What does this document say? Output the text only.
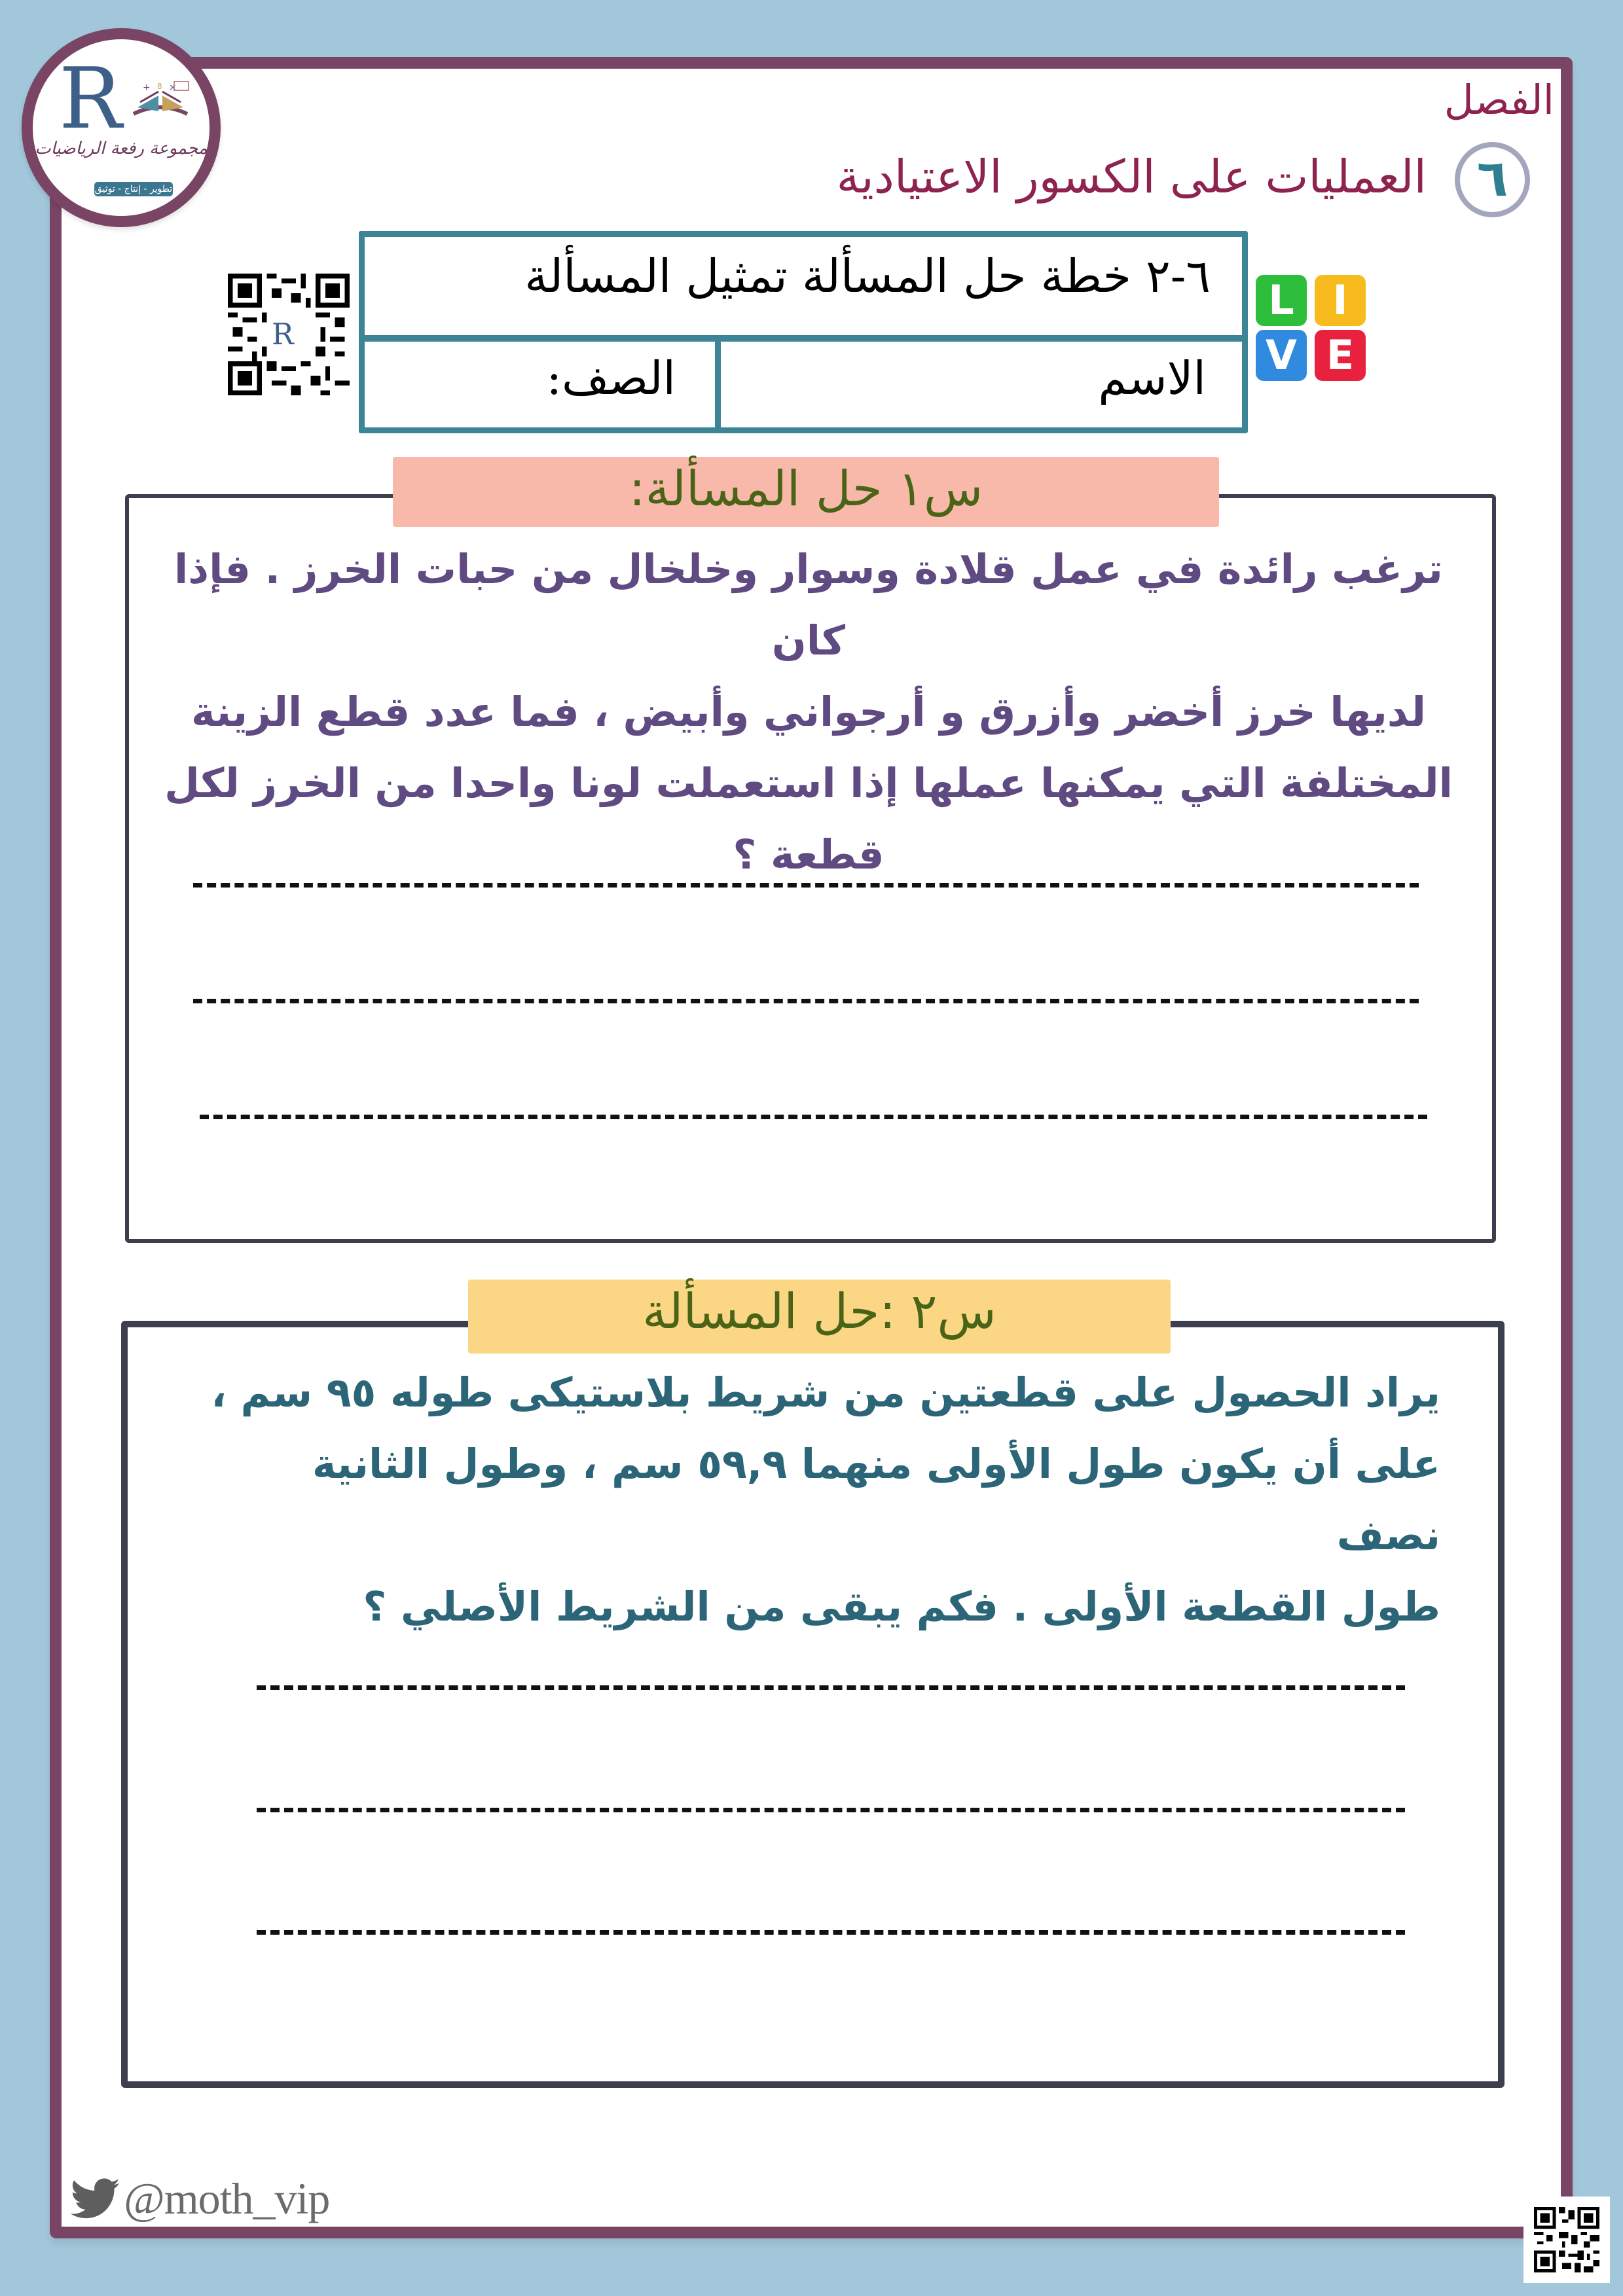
R + 8 ×
مجموعة رفعة الرياضيات
تطوير - إنتاج - توثيق
الفصل
٦
العمليات على الكسور الاعتيادية
R
٦-٢ خطة حل المسألة تمثيل المسألة
الصف:	الاسم
L I
V E
س١ حل المسألة:
ترغب رائدة في عمل قلادة وسوار وخلخال من حبات الخرز . فإذا كان
لديها خرز أخضر وأزرق و أرجواني وأبيض ، فما عدد قطع الزينة
المختلفة التي يمكنها عملها إذا استعملت لونا واحدا من الخرز لكل
قطعة ؟
س٢ :حل المسألة
يراد الحصول على قطعتين من شريط بلاستيكى طوله ٩٥ سم ،
على أن يكون طول الأولى منهما ٥٩,٩ سم ، وطول الثانية نصف
طول القطعة الأولى . فكم يبقى من الشريط الأصلي ؟
@moth_vip
